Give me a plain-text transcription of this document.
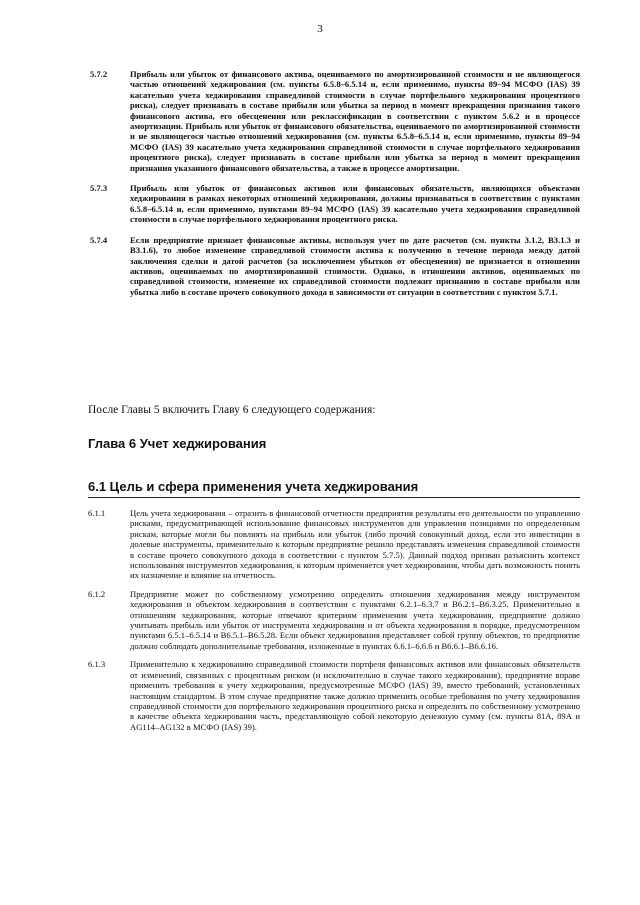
3
5.7.2	Прибыль или убыток от финансового актива, оцениваемого по амортизированной стоимости и не являющегося частью отношений хеджирования (см. пункты 6.5.8–6.5.14 и, если применимо, пункты 89–94 МСФО (IAS) 39 касательно учета хеджирования справедливой стоимости в случае портфельного хеджирования процентного риска), следует признавать в составе прибыли или убытка за период в момент прекращения признания такого финансового актива, его обесценения или реклассификации в соответствии с пунктом 5.6.2 и в процессе амортизации. Прибыль или убыток от финансового обязательства, оцениваемого по амортизированной стоимости и не являющегося частью отношений хеджирования (см. пункты 6.5.8–6.5.14 и, если применимо, пункты 89–94 МСФО (IAS) 39 касательно учета хеджирования справедливой стоимости в случае портфельного хеджирования процентного риска), следует признавать в составе прибыли или убытка за период в момент прекращения признания указанного финансового обязательства, а также в процессе амортизации.
5.7.3	Прибыль или убыток от финансовых активов или финансовых обязательств, являющихся объектами хеджирования в рамках некоторых отношений хеджирования, должны признаваться в соответствии с пунктами 6.5.8–6.5.14 и, если применимо, пунктами 89–94 МСФО (IAS) 39 касательно учета хеджирования справедливой стоимости в случае портфельного хеджирования процентного риска.
5.7.4	Если предприятие признает финансовые активы, используя учет по дате расчетов (см. пункты 3.1.2, В3.1.3 и В3.1.6), то любое изменение справедливой стоимости актива к получению в течение периода между датой заключения сделки и датой расчетов (за исключением убытков от обесценения) не признается в отношении активов, оцениваемых по амортизированной стоимости. Однако, в отношении активов, оцениваемых по справедливой стоимости, изменение их справедливой стоимости подлежит признанию в составе прибыли или убытка либо в составе прочего совокупного дохода в зависимости от ситуации в соответствии с пунктом 5.7.1.
После Главы 5 включить Главу 6 следующего содержания:
Глава 6 Учет хеджирования
6.1 Цель и сфера применения учета хеджирования
6.1.1	Цель учета хеджирования – отразить в финансовой отчетности предприятия результаты его деятельности по управлению рисками, предусматривающей использование финансовых инструментов для управления позициями по определенным рискам, которые могли бы повлиять на прибыль или убыток (либо прочий совокупный доход, если это инвестиции в долевые инструменты, применительно к которым предприятие решило представлять изменения справедливой стоимости в составе прочего совокупного дохода в соответствии с пунктом 5.7.5). Данный подход призван разъяснить контекст использования инструментов хеджирования, к которым применяется учет хеджирования, чтобы дать возможность понять их назначение и влияние на отчетность.
6.1.2	Предприятие может по собственному усмотрению определить отношения хеджирования между инструментом хеджирования и объектом хеджирования в соответствии с пунктами 6.2.1–6.3.7 и В6.2.1–В6.3.25. Применительно к отношениям хеджирования, которые отвечают критериям применения учета хеджирования, предприятие должно учитывать прибыль или убыток от инструмента хеджирования и от объекта хеджирования в порядке, предусмотренном пунктами 6.5.1–6.5.14 и В6.5.1–В6.5.28. Если объект хеджирования представляет собой группу объектов, то предприятие должно соблюдать дополнительные требования, изложенные в пунктах 6.6.1–6.6.6 и В6.6.1–В6.6.16.
6.1.3	Применительно к хеджированию справедливой стоимости портфеля финансовых активов или финансовых обязательств от изменений, связанных с процентным риском (и исключительно в случае такого хеджирования), предприятие вправе применить требования к учету хеджирования, предусмотренные МСФО (IAS) 39, вместо требований, установленных настоящим стандартом. В этом случае предприятие также должно применить особые требования по учету хеджирования справедливой стоимости для портфельного хеджирования процентного риска и определить по собственному усмотрению в качестве объекта хеджирования часть, представляющую собой некоторую денежную сумму (см. пункты 81А, 89А и AG114–AG132 в МСФО (IAS) 39).
